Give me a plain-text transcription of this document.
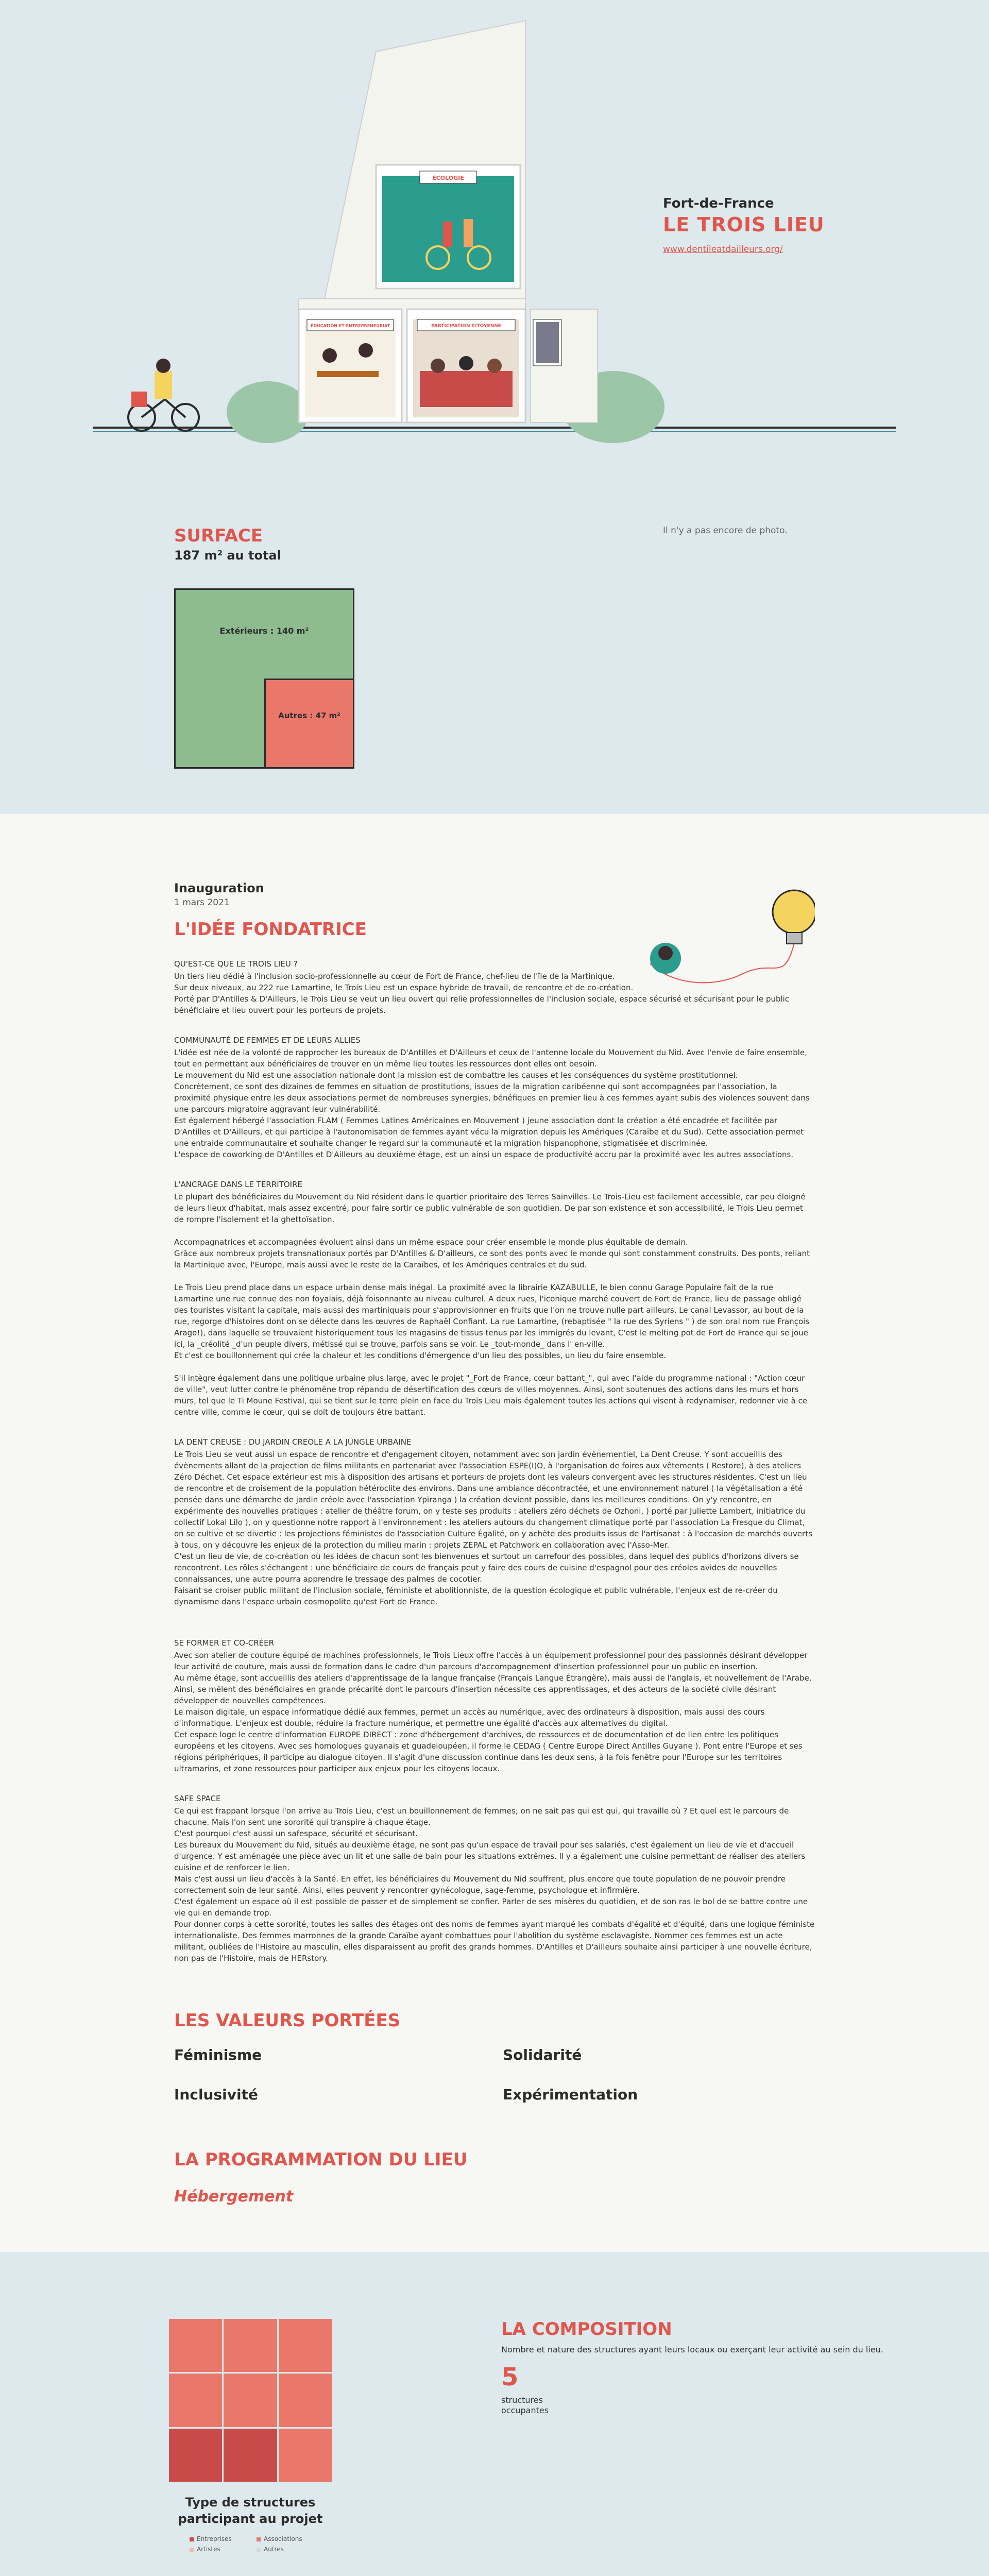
ÉCOLOGIE
ÉDUCATION ET ENTREPRENEURIAT	PARTICIPATION CITOYENNE
Fort-de-France
LE TROIS LIEU
www.dentileatdailleurs.org/
SURFACE
187 m² au total
Il n'y a pas encore de photo.
Extérieurs : 140 m²
Autres : 47 m²
Inauguration
1 mars 2021
L'IDÉE FONDATRICE
QU'EST-CE QUE LE TROIS LIEU ?
Un tiers lieu dédié à l'inclusion socio-professionnelle au cœur de Fort de France, chef-lieu de l'île de la Martinique.
Sur deux niveaux, au 222 rue Lamartine, le Trois Lieu est un espace hybride de travail, de rencontre et de co-création.
Porté par D'Antilles & D'Ailleurs, le Trois Lieu se veut un lieu ouvert qui relie professionnelles de l'inclusion sociale, espace sécurisé et sécurisant pour le public bénéficiaire et lieu ouvert pour les porteurs de projets.
COMMUNAUTÉ DE FEMMES ET DE LEURS ALLIES
L'idée est née de la volonté de rapprocher les bureaux de D'Antilles et D'Ailleurs et ceux de l'antenne locale du Mouvement du Nid. Avec l'envie de faire ensemble, tout en permettant aux bénéficiaires de trouver en un même lieu toutes les ressources dont elles ont besoin.
Le mouvement du Nid est une association nationale dont la mission est de combattre les causes et les conséquences du système prostitutionnel.
Concrètement, ce sont des dizaines de femmes en situation de prostitutions, issues de la migration caribéenne qui sont accompagnées par l'association, la proximité physique entre les deux associations permet de nombreuses synergies, bénéfiques en premier lieu à ces femmes ayant subis des violences souvent dans une parcours migratoire aggravant leur vulnérabilité.
Est également hébergé l'association FLAM ( Femmes Latines Américaines en Mouvement ) jeune association dont la création a été encadrée et facilitée par D'Antilles et D'Ailleurs, et qui participe à l'autonomisation de femmes ayant vécu la migration depuis les Amériques (Caraïbe et du Sud). Cette association permet une entraide communautaire et souhaite changer le regard sur la communauté et la migration hispanophone, stigmatisée et discriminée.
L'espace de coworking de D'Antilles et D'Ailleurs au deuxième étage, est un ainsi un espace de productivité accru par la proximité avec les autres associations.
L'ANCRAGE DANS LE TERRITOIRE
Le plupart des bénéficiaires du Mouvement du Nid résident dans le quartier prioritaire des Terres Sainvilles. Le Trois-Lieu est facilement accessible, car peu éloigné de leurs lieux d'habitat, mais assez excentré, pour faire sortir ce public vulnérable de son quotidien. De par son existence et son accessibilité, le Trois Lieu permet de rompre l'isolement et la ghettoïsation.

Accompagnatrices et accompagnées évoluent ainsi dans un même espace pour créer ensemble le monde plus équitable de demain.
Grâce aux nombreux projets transnationaux portés par D'Antilles & D'ailleurs, ce sont des ponts avec le monde qui sont constamment construits. Des ponts, reliant la Martinique avec, l'Europe, mais aussi avec le reste de la Caraïbes, et les Amériques centrales et du sud.

Le Trois Lieu prend place dans un espace urbain dense mais inégal. La proximité avec la librairie KAZABULLE, le bien connu Garage Populaire fait de la rue Lamartine une rue connue des non foyalais, déjà foisonnante au niveau culturel. A deux rues, l'iconique marché couvert de Fort de France, lieu de passage obligé des touristes visitant la capitale, mais aussi des martiniquais pour s'approvisionner en fruits que l'on ne trouve nulle part ailleurs. Le canal Levassor, au bout de la rue, regorge d'histoires dont on se délecte dans les œuvres de Raphaël Confiant. La rue Lamartine, (rebaptisée " la rue des Syriens " ) de son oral nom rue François Arago!), dans laquelle se trouvaient historiquement tous les magasins de tissus tenus par les immigrés du levant, C'est le melting pot de Fort de France qui se joue ici, la _créolité _d'un peuple divers, métissé qui se trouve, parfois sans se voir. Le _tout-monde_ dans l' en-ville.
Et c'est ce bouillonnement qui crée la chaleur et les conditions d'émergence d'un lieu des possibles, un lieu du faire ensemble.

S'il intègre également dans une politique urbaine plus large, avec le projet "_Fort de France, cœur battant_", qui avec l'aide du programme national : "Action cœur de ville", veut lutter contre le phénomène trop répandu de désertification des cœurs de villes moyennes. Ainsi, sont soutenues des actions dans les murs et hors murs, tel que le Ti Moune Festival, qui se tient sur le terre plein en face du Trois Lieu mais également toutes les actions qui visent à redynamiser, redonner vie à ce centre ville, comme le cœur, qui se doit de toujours être battant.
LA DENT CREUSE : DU JARDIN CREOLE A LA JUNGLE URBAINE
Le Trois Lieu se veut aussi un espace de rencontre et d'engagement citoyen, notamment avec son jardin évènementiel, La Dent Creuse. Y sont accueillis des évènements allant de la projection de films militants en partenariat avec l'association ESPE(I)O, à l'organisation de foires aux vêtements ( Restore), à des ateliers Zéro Déchet. Cet espace extérieur est mis à disposition des artisans et porteurs de projets dont les valeurs convergent avec les structures résidentes. C'est un lieu de rencontre et de croisement de la population hétéroclite des environs. Dans une ambiance décontractée, et une environnement naturel ( la végétalisation a été pensée dans une démarche de jardin créole avec l'association Ypiranga ) la création devient possible, dans les meilleures conditions. On y'y rencontre, en expérimente des nouvelles pratiques : atelier de théâtre forum, on y teste ses produits : ateliers zéro déchets de Ozhoni, ) porté par Juliette Lambert, initiatrice du collectif Lokal Lilo ), on y questionne notre rapport à l'environnement : les ateliers autours du changement climatique porté par l'association La Fresque du Climat, on se cultive et se divertie : les projections féministes de l'association Culture Égalité, on y achète des produits issus de l'artisanat : à l'occasion de marchés ouverts à tous, on y découvre les enjeux de la protection du milieu marin : projets ZEPAL et Patchwork en collaboration avec l'Asso-Mer.
C'est un lieu de vie, de co-création où les idées de chacun sont les bienvenues et surtout un carrefour des possibles, dans lequel des publics d'horizons divers se rencontrent. Les rôles s'échangent : une bénéficiaire de cours de français peut y faire des cours de cuisine d'espagnol pour des créoles avides de nouvelles connaissances, une autre pourra apprendre le tressage des palmes de cocotier.
Faisant se croiser public militant de l'inclusion sociale, féministe et abolitionniste, de la question écologique et public vulnérable, l'enjeux est de re-créer du dynamisme dans l'espace urbain cosmopolite qu'est Fort de France.
SE FORMER ET CO-CRÉER
Avec son atelier de couture équipé de machines professionnels, le Trois Lieux offre l'accès à un équipement professionnel pour des passionnés désirant développer leur activité de couture, mais aussi de formation dans le cadre d'un parcours d'accompagnement d'insertion professionnel pour un public en insertion.
Au même étage, sont accueillis des ateliers d'apprentissage de la langue française (Français Langue Étrangère), mais aussi de l'anglais, et nouvellement de l'Arabe. Ainsi, se mêlent des bénéficiaires en grande précarité dont le parcours d'insertion nécessite ces apprentissages, et des acteurs de la société civile désirant développer de nouvelles compétences.
Le maison digitale, un espace informatique dédié aux femmes, permet un accès au numérique, avec des ordinateurs à disposition, mais aussi des cours d'informatique. L'enjeux est double, réduire la fracture numérique, et permettre une égalité d'accès aux alternatives du digital.
Cet espace loge le centre d'information EUROPE DIRECT : zone d'hébergement d'archives, de ressources et de documentation et de lien entre les politiques européens et les citoyens. Avec ses homologues guyanais et guadeloupéen, il forme le CEDAG ( Centre Europe Direct Antilles Guyane ). Pont entre l'Europe et ses régions périphériques, il participe au dialogue citoyen. Il s'agit d'une discussion continue dans les deux sens, à la fois fenêtre pour l'Europe sur les territoires ultramarins, et zone ressources pour participer aux enjeux pour les citoyens locaux.
SAFE SPACE
Ce qui est frappant lorsque l'on arrive au Trois Lieu, c'est un bouillonnement de femmes; on ne sait pas qui est qui, qui travaille où ? Et quel est le parcours de chacune. Mais l'on sent une sororité qui transpire à chaque étage.
C'est pourquoi c'est aussi un safespace, sécurité et sécurisant.
Les bureaux du Mouvement du Nid, situés au deuxième étage, ne sont pas qu'un espace de travail pour ses salariés, c'est également un lieu de vie et d'accueil d'urgence. Y est aménagée une pièce avec un lit et une salle de bain pour les situations extrêmes. Il y a également une cuisine permettant de réaliser des ateliers cuisine et de renforcer le lien.
Mais c'est aussi un lieu d'accès à la Santé. En effet, les bénéficiaires du Mouvement du Nid souffrent, plus encore que toute population de ne pouvoir prendre correctement soin de leur santé. Ainsi, elles peuvent y rencontrer gynécologue, sage-femme, psychologue et infirmière.
C'est également un espace où il est possible de passer et de simplement se confier. Parler de ses misères du quotidien, et de son ras le bol de se battre contre une vie qui en demande trop.
Pour donner corps à cette sororité, toutes les salles des étages ont des noms de femmes ayant marqué les combats d'égalité et d'équité, dans une logique féministe internationaliste. Des femmes marronnes de la grande Caraïbe ayant combattues pour l'abolition du système esclavagiste. Nommer ces femmes est un acte militant, oubliées de l'Histoire au masculin, elles disparaissent au profit des grands hommes. D'Antilles et D'ailleurs souhaite ainsi participer à une nouvelle écriture, non pas de l'Histoire, mais de HERstory.
LES VALEURS PORTÉES
Féminisme	Solidarité
Inclusivité	Expérimentation
LA PROGRAMMATION DU LIEU
Hébergement
Type de structures participant au projet
Entreprises	Associations
Artistes	Autres
LA COMPOSITION
Nombre et nature des structures ayant leurs locaux ou exerçant leur activité au sein du lieu.
5
structures
occupantes
